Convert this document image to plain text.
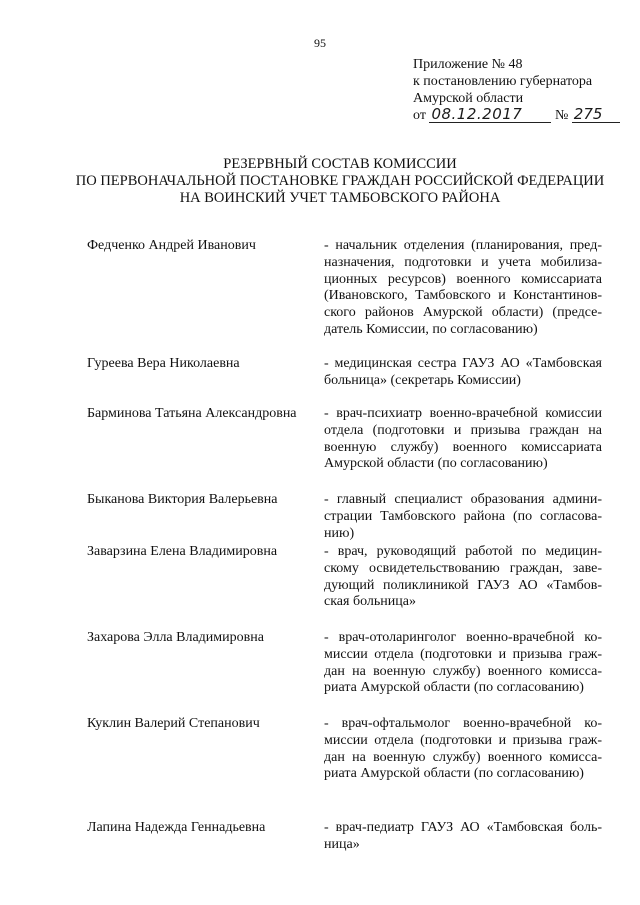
95
Приложение № 48
к постановлению губернатора
Амурской области
от 08.12.2017 № 275
РЕЗЕРВНЫЙ СОСТАВ КОМИССИИ
ПО ПЕРВОНАЧАЛЬНОЙ ПОСТАНОВКЕ ГРАЖДАН РОССИЙСКОЙ ФЕДЕРАЦИИ
НА ВОИНСКИЙ УЧЕТ ТАМБОВСКОГО РАЙОНА
Федченко Андрей Иванович	- начальник отделения (планирования, пред-
назначения, подготовки и учета мобилиза-
ционных ресурсов) военного комиссариата
(Ивановского, Тамбовского и Константинов-
ского районов Амурской области) (предсе-
датель Комиссии, по согласованию)
Гуреева Вера Николаевна	- медицинская сестра ГАУЗ АО «Тамбовская
больница» (секретарь Комиссии)
Барминова Татьяна Александровна	- врач-психиатр военно-врачебной комиссии
отдела (подготовки и призыва граждан на
военную службу) военного комиссариата
Амурской области (по согласованию)
Быканова Виктория Валерьевна	- главный специалист образования админи-
страции Тамбовского района (по согласова-
нию)
Заварзина Елена Владимировна	- врач, руководящий работой по медицин-
скому освидетельствованию граждан, заве-
дующий поликлиникой ГАУЗ АО «Тамбов-
ская больница»
Захарова Элла Владимировна	- врач-отоларинголог военно-врачебной ко-
миссии отдела (подготовки и призыва граж-
дан на военную службу) военного комисса-
риата Амурской области (по согласованию)
Куклин Валерий Степанович	- врач-офтальмолог военно-врачебной ко-
миссии отдела (подготовки и призыва граж-
дан на военную службу) военного комисса-
риата Амурской области (по согласованию)
Лапина Надежда Геннадьевна	- врач-педиатр ГАУЗ АО «Тамбовская боль-
ница»
